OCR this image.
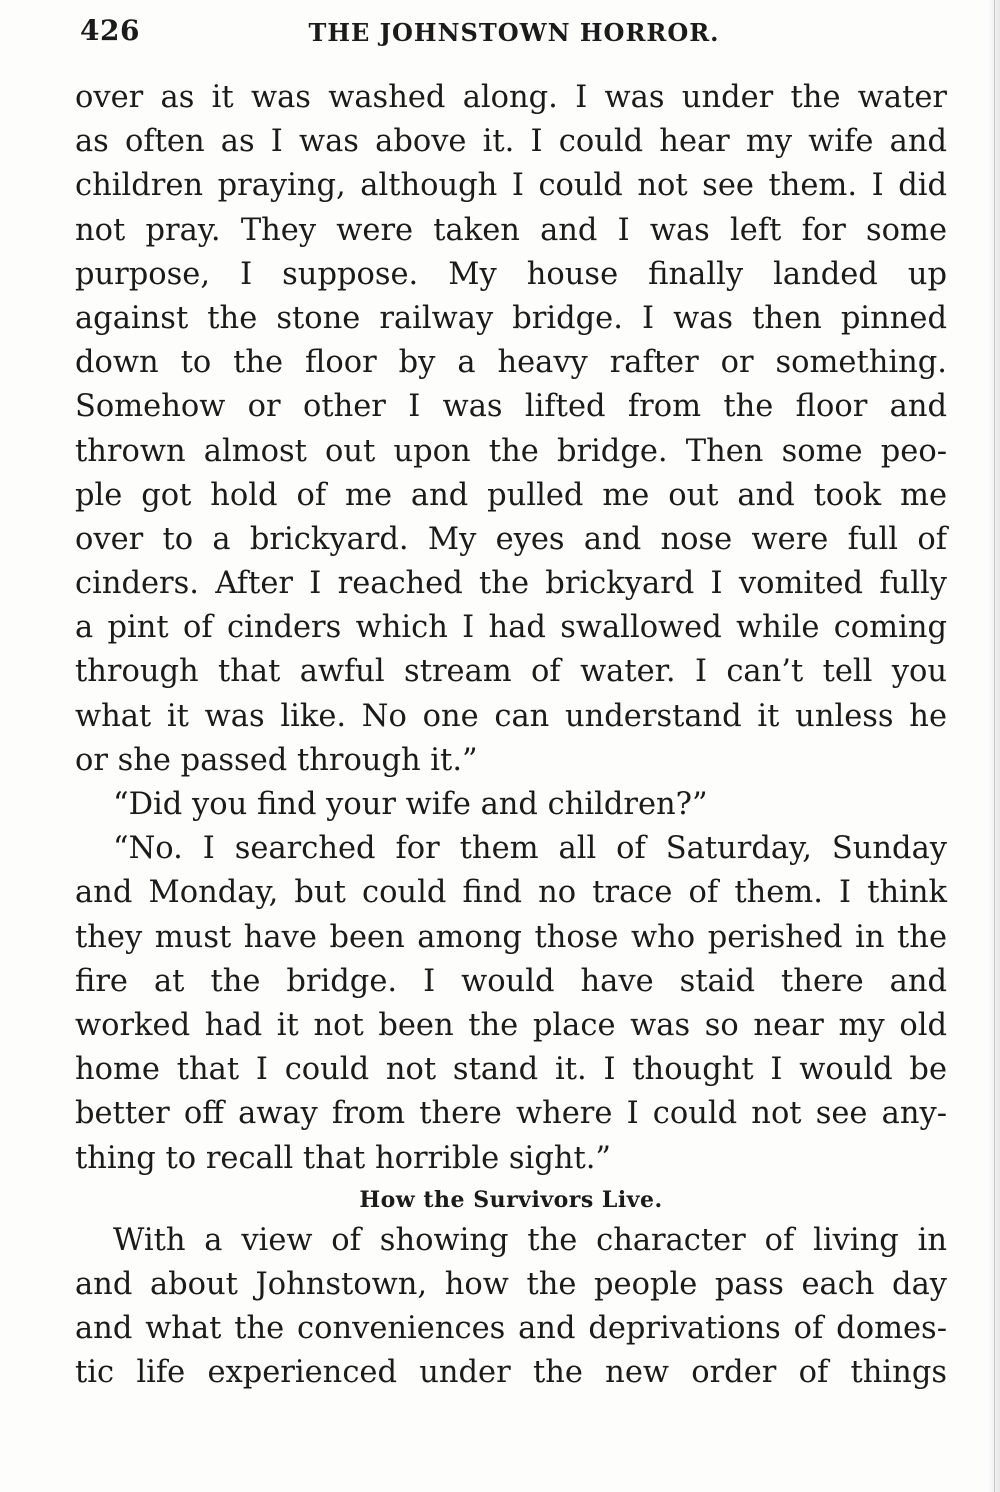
426	THE JOHNSTOWN HORROR.
over as it was washed along. I was under the water
as often as I was above it. I could hear my wife and
children praying, although I could not see them. I did
not pray. They were taken and I was left for some
purpose, I suppose. My house finally landed up
against the stone railway bridge. I was then pinned
down to the floor by a heavy rafter or something.
Somehow or other I was lifted from the floor and
thrown almost out upon the bridge. Then some peo-
ple got hold of me and pulled me out and took me
over to a brickyard. My eyes and nose were full of
cinders. After I reached the brickyard I vomited fully
a pint of cinders which I had swallowed while coming
through that awful stream of water. I can’t tell you
what it was like. No one can understand it unless he
or she passed through it.”
“Did you find your wife and children?”
“No. I searched for them all of Saturday, Sunday
and Monday, but could find no trace of them. I think
they must have been among those who perished in the
fire at the bridge. I would have staid there and
worked had it not been the place was so near my old
home that I could not stand it. I thought I would be
better off away from there where I could not see any-
thing to recall that horrible sight.”
How the Survivors Live.
With a view of showing the character of living in
and about Johnstown, how the people pass each day
and what the conveniences and deprivations of domes-
tic life experienced under the new order of things
